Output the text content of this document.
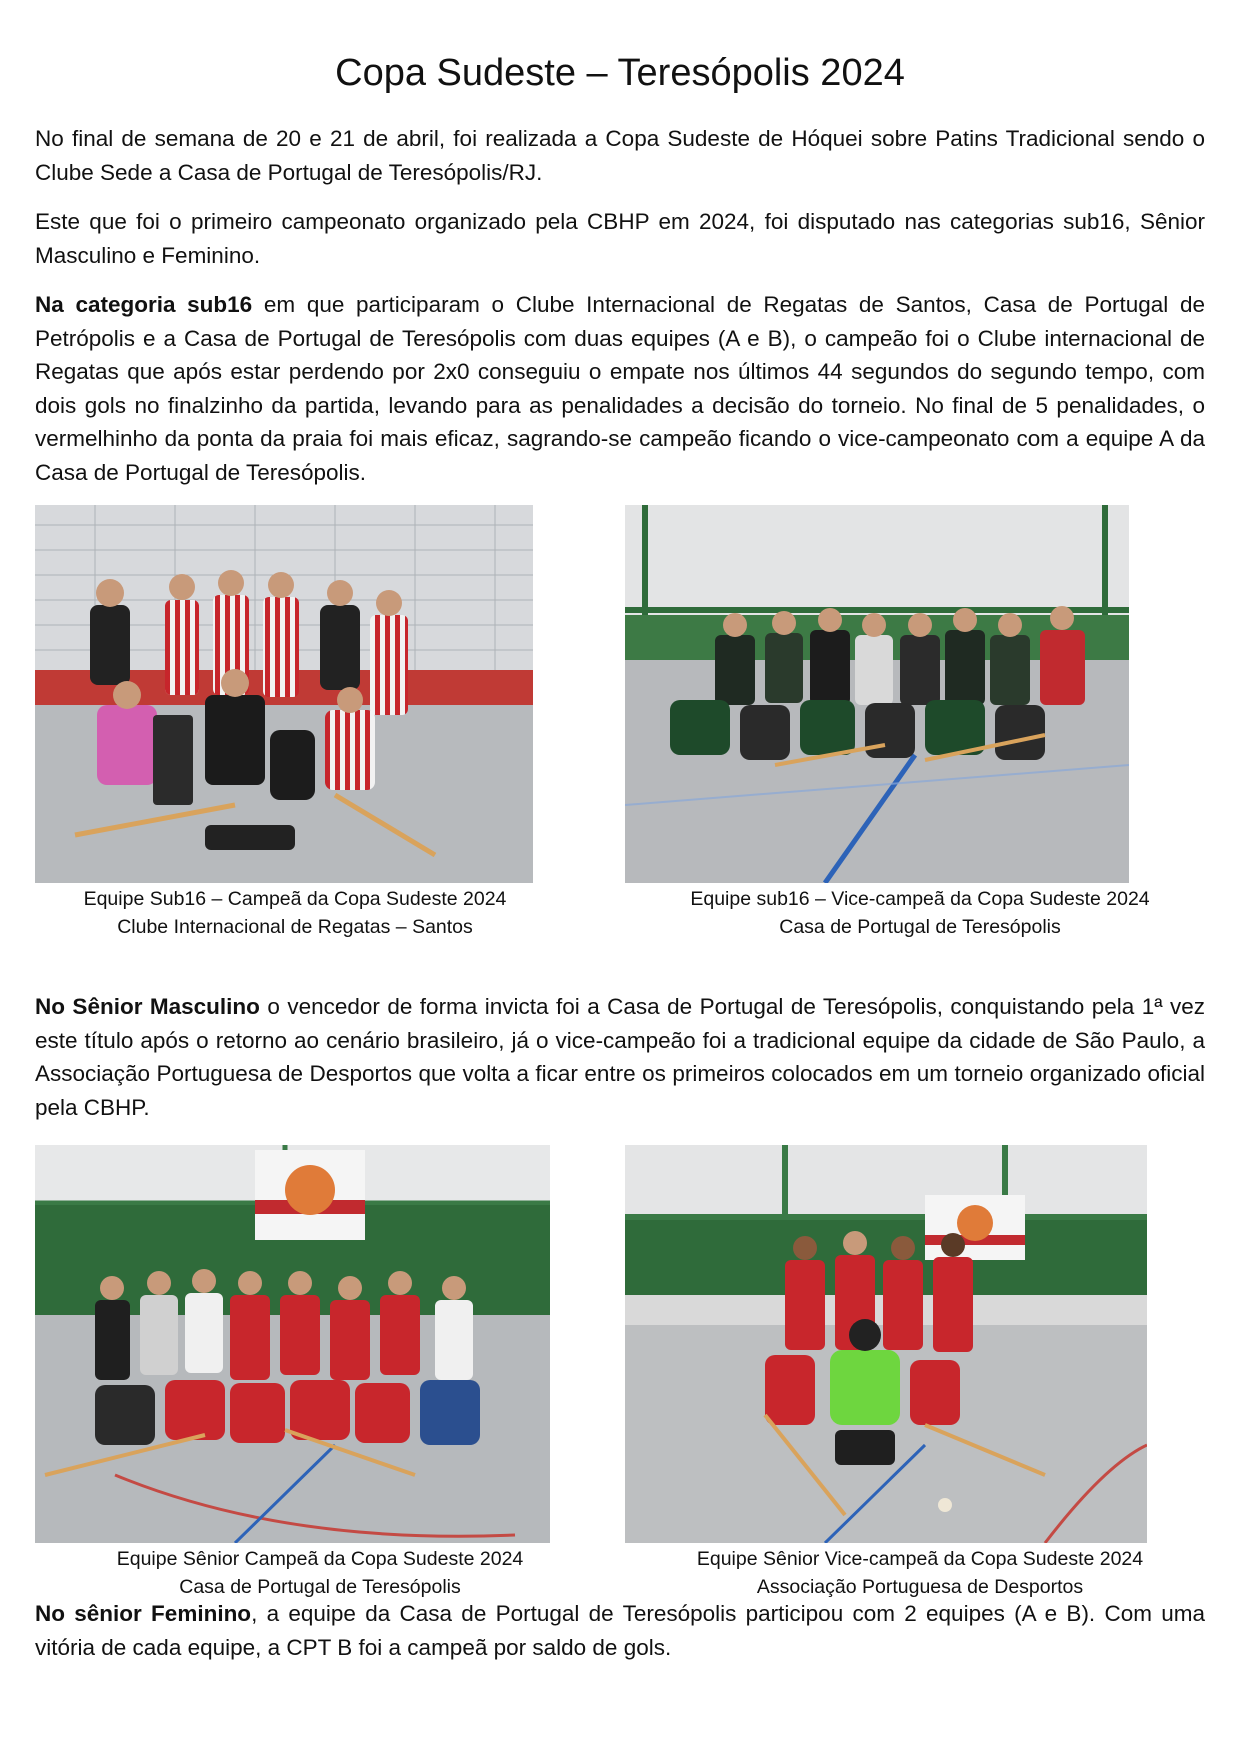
Copa Sudeste – Teresópolis 2024

No final de semana de 20 e 21 de abril, foi realizada a Copa Sudeste de Hóquei sobre Patins Tradicional sendo o Clube Sede a Casa de Portugal de Teresópolis/RJ.

Este que foi o primeiro campeonato organizado pela CBHP em 2024, foi disputado nas categorias sub16, Sênior Masculino e Feminino.

Na categoria sub16 em que participaram o Clube Internacional de Regatas de Santos, Casa de Portugal de Petrópolis e a Casa de Portugal de Teresópolis com duas equipes (A e B), o campeão foi o Clube internacional de Regatas que após estar perdendo por 2x0 conseguiu o empate nos últimos 44 segundos do segundo tempo, com dois gols no finalzinho da partida, levando para as penalidades a decisão do torneio. No final de 5 penalidades, o vermelhinho da ponta da praia foi mais eficaz, sagrando-se campeão ficando o vice-campeonato com a equipe A da Casa de Portugal de Teresópolis.

Equipe Sub16 – Campeã da Copa Sudeste 2024
Clube Internacional de Regatas – Santos
Equipe sub16 – Vice-campeã da Copa Sudeste 2024
Casa de Portugal de Teresópolis

No Sênior Masculino o vencedor de forma invicta foi a Casa de Portugal de Teresópolis, conquistando pela 1ª vez este título após o retorno ao cenário brasileiro, já o vice-campeão foi a tradicional equipe da cidade de São Paulo, a Associação Portuguesa de Desportos que volta a ficar entre os primeiros colocados em um torneio organizado oficial pela CBHP.

Equipe Sênior Campeã da Copa Sudeste 2024
Casa de Portugal de Teresópolis
Equipe Sênior Vice-campeã da Copa Sudeste 2024
Associação Portuguesa de Desportos

No sênior Feminino, a equipe da Casa de Portugal de Teresópolis participou com 2 equipes (A e B). Com uma vitória de cada equipe, a CPT B foi a campeã por saldo de gols.
